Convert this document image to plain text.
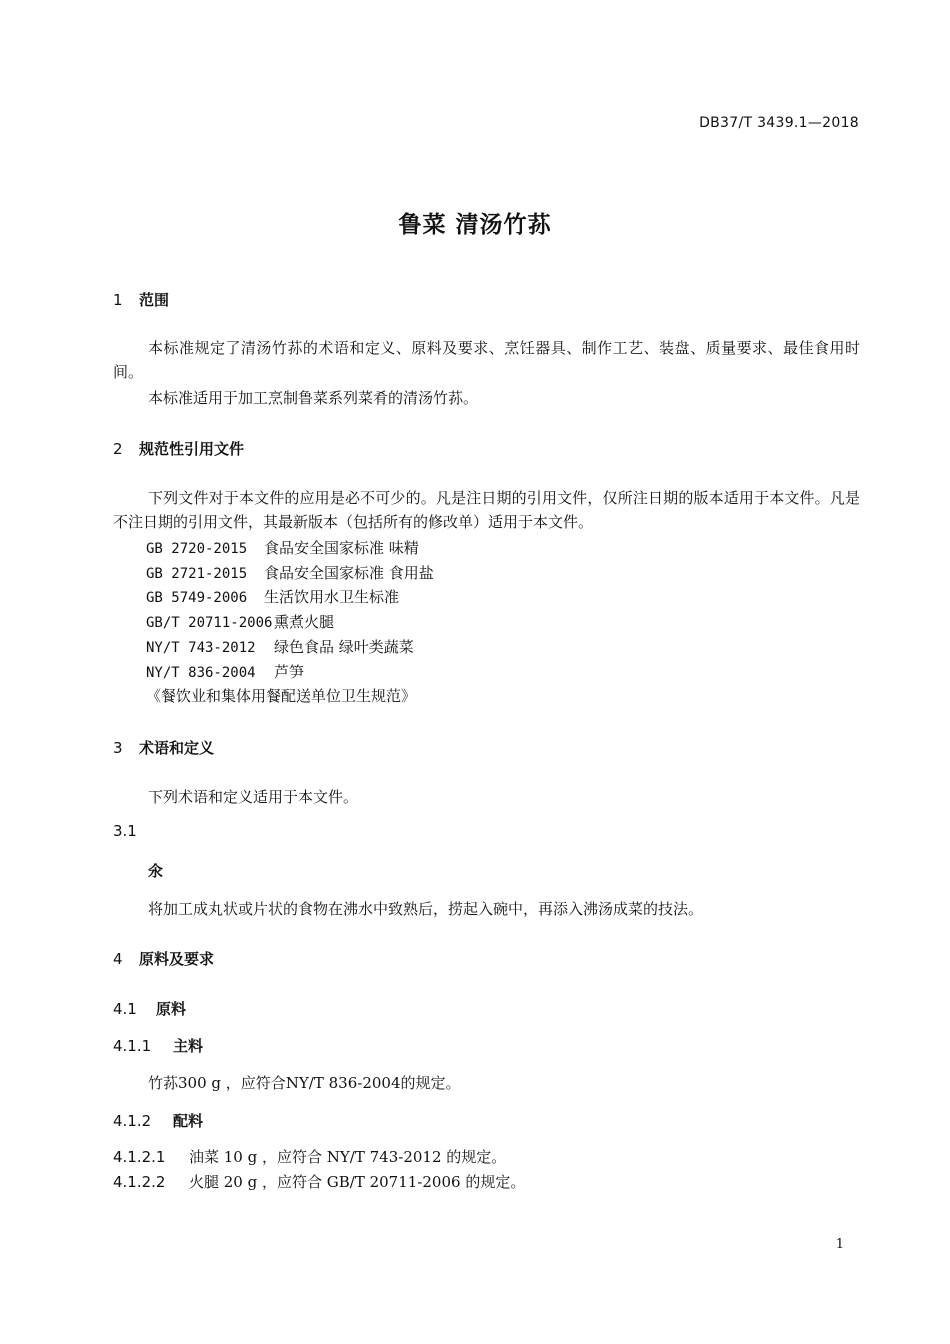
DB37/T 3439.1—2018
鲁菜 清汤竹荪
1 范围
本标准规定了清汤竹荪的术语和定义、原料及要求、烹饪器具、制作工艺、装盘、质量要求、最佳食用时间。
本标准适用于加工烹制鲁菜系列菜肴的清汤竹荪。
2 规范性引用文件
下列文件对于本文件的应用是必不可少的。凡是注日期的引用文件，仅所注日期的版本适用于本文件。凡是不注日期的引用文件，其最新版本（包括所有的修改单）适用于本文件。
GB 2720-2015 食品安全国家标准 味精
GB 2721-2015 食品安全国家标准 食用盐
GB 5749-2006 生活饮用水卫生标准
GB/T 20711-2006 熏煮火腿
NY/T 743-2012 绿色食品 绿叶类蔬菜
NY/T 836-2004 芦笋
《餐饮业和集体用餐配送单位卫生规范》
3 术语和定义
下列术语和定义适用于本文件。
3.1
氽
将加工成丸状或片状的食物在沸水中致熟后，捞起入碗中，再添入沸汤成菜的技法。
4 原料及要求
4.1 原料
4.1.1 主料
竹荪300 g ，应符合NY/T 836-2004的规定。
4.1.2 配料
4.1.2.1 油菜 10 g ，应符合 NY/T 743-2012 的规定。
4.1.2.2 火腿 20 g ，应符合 GB/T 20711-2006 的规定。
1
